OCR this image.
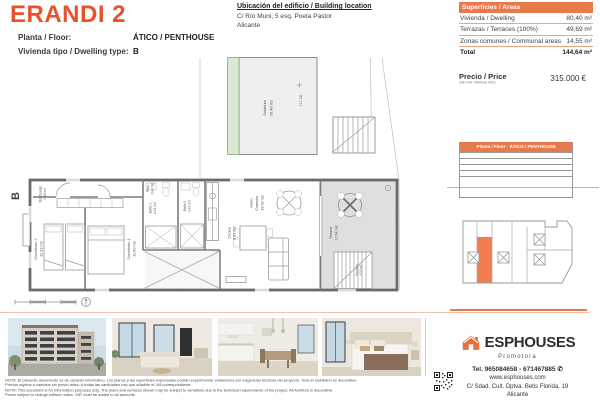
ERANDI 2
Planta / Floor:	ÁTICO / PENTHOUSE
Vivienda tipo / Dwelling type: B
Ubicación del edificio / Building location
C/ Río Muni, 5 esq. Poeta Pastor
Alicante
Superficies / Areas
Vivienda / Dwelling	80,40 m²
Terrazas / Terraces (100%)	49,69 m²
Zonas comunes / Communal areas 14,55 m²
Total	144,64 m²
Precio / Price
(Sin IVA / Without VAT)	315.000 €
Solarium 26.48 m2	+17.40
Distribuidor 1.89 m2	Paso 3.44 m2
Dormitorio 2 11.32 m2	Dormitorio 1 11.69 m2
Baño 1 4.41 m2	Baño 2 3.41 m2
Cocina 8.41 m2
Salón Comedor 19.92 m2
Terraza 17.64 m2
Escalera 4.12 m2
B
Planta / Floor - ÁTICO / PENTHOUSE
ESPHOUSES
Promotora
Tel. 965084658 - 671467885 ✆
www.esphouses.com
C/ Sdad. Cult. Dptva. Betis Florida, 19
Alicante
NOTA: El presente documento es de carácter informativo. Los planos y las superficies expresadas podrán experimentar variaciones por exigencias técnicas del proyecto. Todo el mobiliario es decorativo.
Precios sujetos a cambios sin previo aviso. A todas las cantidades hay que añadirle el IVA correspondiente.
NOTA: This document is for information purposes only. The plans and surfaces shown may be subject to variations due to the technical requirements of the project. All furniture is decorative.
Prices subject to change without notice. VAT must be added to all amounts.
